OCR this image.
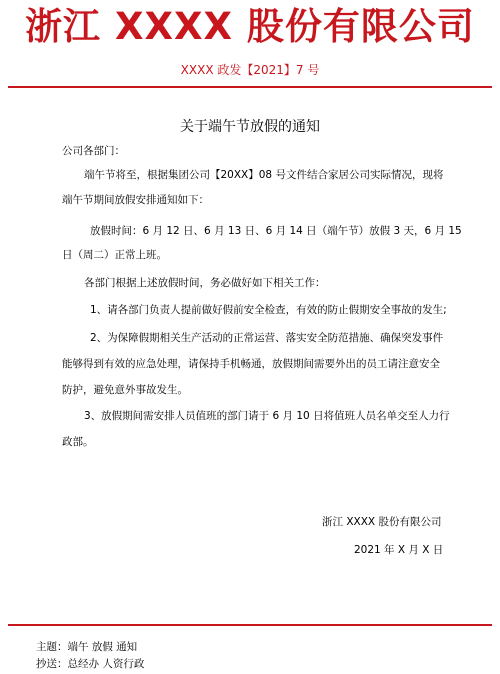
浙江 XXXX 股份有限公司
XXXX 政发【2021】7 号
关于端午节放假的通知
公司各部门：
端午节将至，根据集团公司【20XX】08 号文件结合家居公司实际情况，现将
端午节期间放假安排通知如下：
放假时间：6 月 12 日、6 月 13 日、6 月 14 日（端午节）放假 3 天，6 月 15
日（周二）正常上班。
各部门根据上述放假时间，务必做好如下相关工作：
1、请各部门负责人提前做好假前安全检查，有效的防止假期安全事故的发生;
2、为保障假期相关生产活动的正常运营、落实安全防范措施、确保突发事件
能够得到有效的应急处理，请保持手机畅通，放假期间需要外出的员工请注意安全
防护，避免意外事故发生。
3、放假期间需安排人员值班的部门请于 6 月 10 日将值班人员名单交至人力行
政部。
浙江 XXXX 股份有限公司
2021 年 X 月 X 日
主题：端午 放假 通知
抄送：总经办 人资行政
